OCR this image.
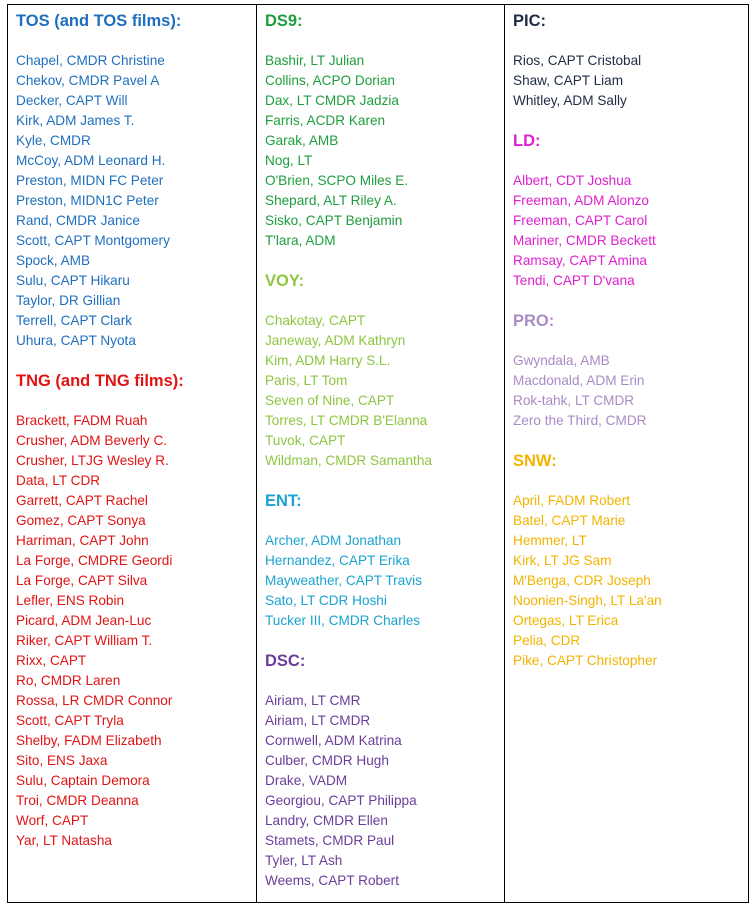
TOS (and TOS films):
Chapel, CMDR Christine
Chekov, CMDR Pavel A
Decker, CAPT Will
Kirk, ADM James T.
Kyle, CMDR
McCoy, ADM Leonard H.
Preston, MIDN FC Peter
Preston, MIDN1C Peter
Rand, CMDR Janice
Scott, CAPT Montgomery
Spock, AMB
Sulu, CAPT Hikaru
Taylor, DR Gillian
Terrell, CAPT Clark
Uhura, CAPT Nyota
TNG (and TNG films):
Brackett, FADM Ruah
Crusher, ADM Beverly C.
Crusher, LTJG Wesley R.
Data, LT CDR
Garrett, CAPT Rachel
Gomez, CAPT Sonya
Harriman, CAPT John
La Forge, CMDRE Geordi
La Forge, CAPT Silva
Lefler, ENS Robin
Picard, ADM Jean-Luc
Riker, CAPT William T.
Rixx, CAPT
Ro, CMDR Laren
Rossa, LR CMDR Connor
Scott, CAPT Tryla
Shelby, FADM Elizabeth
Sito, ENS Jaxa
Sulu, Captain Demora
Troi, CMDR Deanna
Worf, CAPT
Yar, LT Natasha
DS9:
Bashir, LT Julian
Collins, ACPO Dorian
Dax, LT CMDR Jadzia
Farris, ACDR Karen
Garak, AMB
Nog, LT
O'Brien, SCPO Miles E.
Shepard, ALT Riley A.
Sisko, CAPT Benjamin
T'lara, ADM
VOY:
Chakotay, CAPT
Janeway, ADM Kathryn
Kim, ADM Harry S.L.
Paris, LT Tom
Seven of Nine, CAPT
Torres, LT CMDR B'Elanna
Tuvok, CAPT
Wildman, CMDR Samantha
ENT:
Archer, ADM Jonathan
Hernandez, CAPT Erika
Mayweather, CAPT Travis
Sato, LT CDR Hoshi
Tucker III, CMDR Charles
DSC:
Airiam, LT CMR
Airiam, LT CMDR
Cornwell, ADM Katrina
Culber, CMDR Hugh
Drake, VADM
Georgiou, CAPT Philippa
Landry, CMDR Ellen
Stamets, CMDR Paul
Tyler, LT Ash
Weems, CAPT Robert
PIC:
Rios, CAPT Cristobal
Shaw, CAPT Liam
Whitley, ADM Sally
LD:
Albert, CDT Joshua
Freeman, ADM Alonzo
Freeman, CAPT Carol
Mariner, CMDR Beckett
Ramsay, CAPT Amina
Tendi, CAPT D'vana
PRO:
Gwyndala, AMB
Macdonald, ADM Erin
Rok-tahk, LT CMDR
Zero the Third, CMDR
SNW:
April, FADM Robert
Batel, CAPT Marie
Hemmer, LT
Kirk, LT JG Sam
M'Benga, CDR Joseph
Noonien-Singh, LT La'an
Ortegas, LT Erica
Pelia, CDR
Pike, CAPT Christopher
